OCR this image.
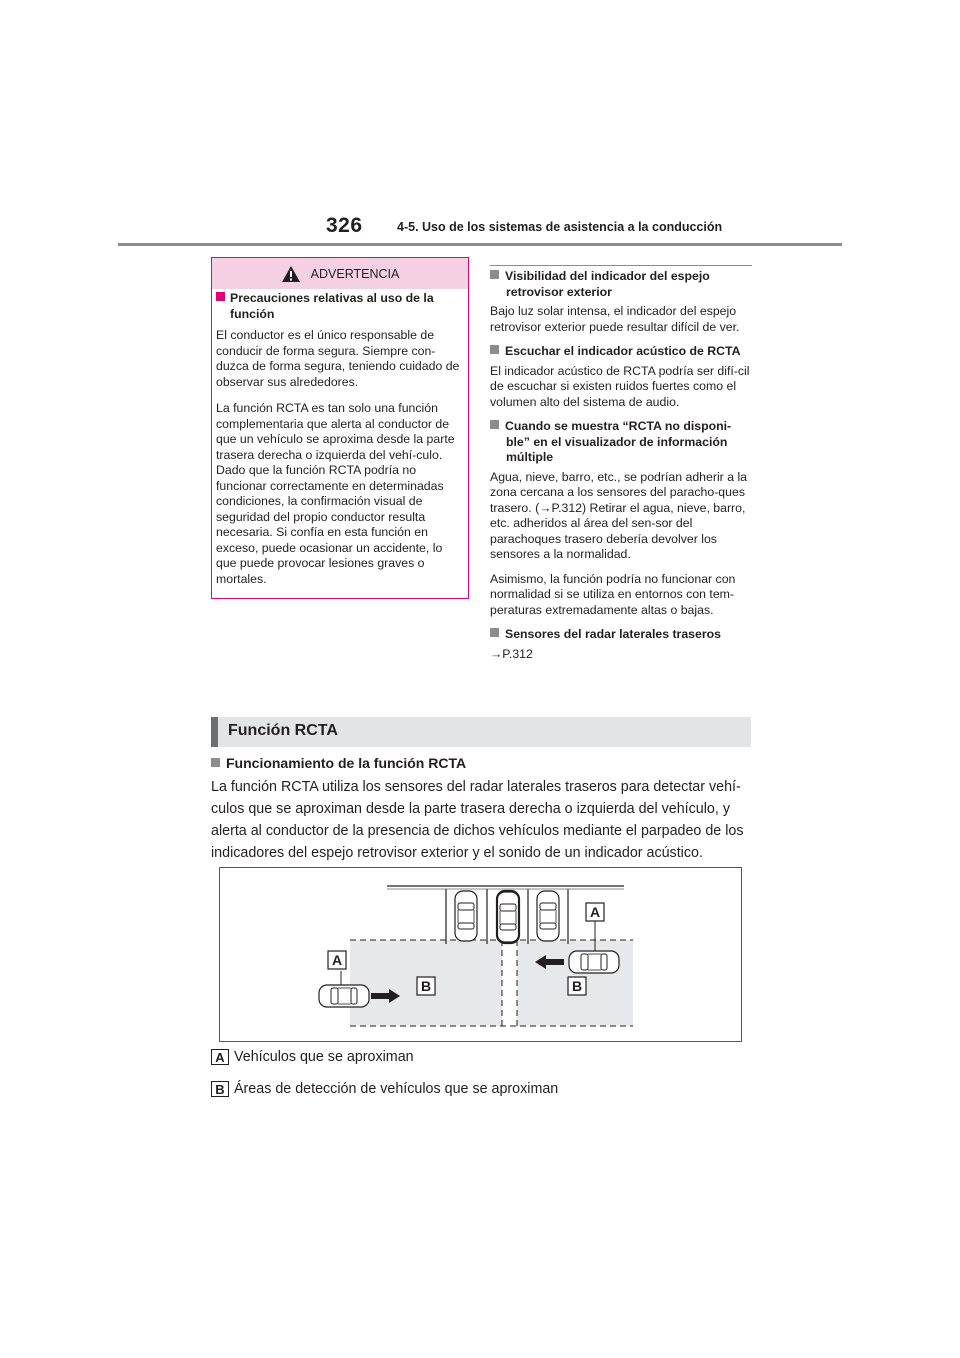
326	4-5. Uso de los sistemas de asistencia a la conducción
ADVERTENCIA
Precauciones relativas al uso de la función

El conductor es el único responsable de conducir de forma segura. Siempre con-duzca de forma segura, teniendo cuidado de observar sus alrededores.

La función RCTA es tan solo una función complementaria que alerta al conductor de que un vehículo se aproxima desde la parte trasera derecha o izquierda del vehí-culo. Dado que la función RCTA podría no funcionar correctamente en determinadas condiciones, la confirmación visual de seguridad del propio conductor resulta necesaria. Si confía en esta función en exceso, puede ocasionar un accidente, lo que puede provocar lesiones graves o mortales.

Visibilidad del indicador del espejo retrovisor exterior

Bajo luz solar intensa, el indicador del espejo retrovisor exterior puede resultar difícil de ver.

Escuchar el indicador acústico de RCTA

El indicador acústico de RCTA podría ser difí-cil de escuchar si existen ruidos fuertes como el volumen alto del sistema de audio.

Cuando se muestra “RCTA no disponi-ble” en el visualizador de información múltiple

Agua, nieve, barro, etc., se podrían adherir a la zona cercana a los sensores del paracho-ques trasero. (→P.312) Retirar el agua, nieve, barro, etc. adheridos al área del sen-sor del parachoques trasero debería devolver los sensores a la normalidad.

Asimismo, la función podría no funcionar con normalidad si se utiliza en entornos con tem-peraturas extremadamente altas o bajas.

Sensores del radar laterales traseros

→P.312

Función RCTA
Funcionamiento de la función RCTA
La función RCTA utiliza los sensores del radar laterales traseros para detectar vehí-culos que se aproximan desde la parte trasera derecha o izquierda del vehículo, y alerta al conductor de la presencia de dichos vehículos mediante el parpadeo de los indicadores del espejo retrovisor exterior y el sonido de un indicador acústico.
A
A
B	B
A Vehículos que se aproximan
B Áreas de detección de vehículos que se aproximan
